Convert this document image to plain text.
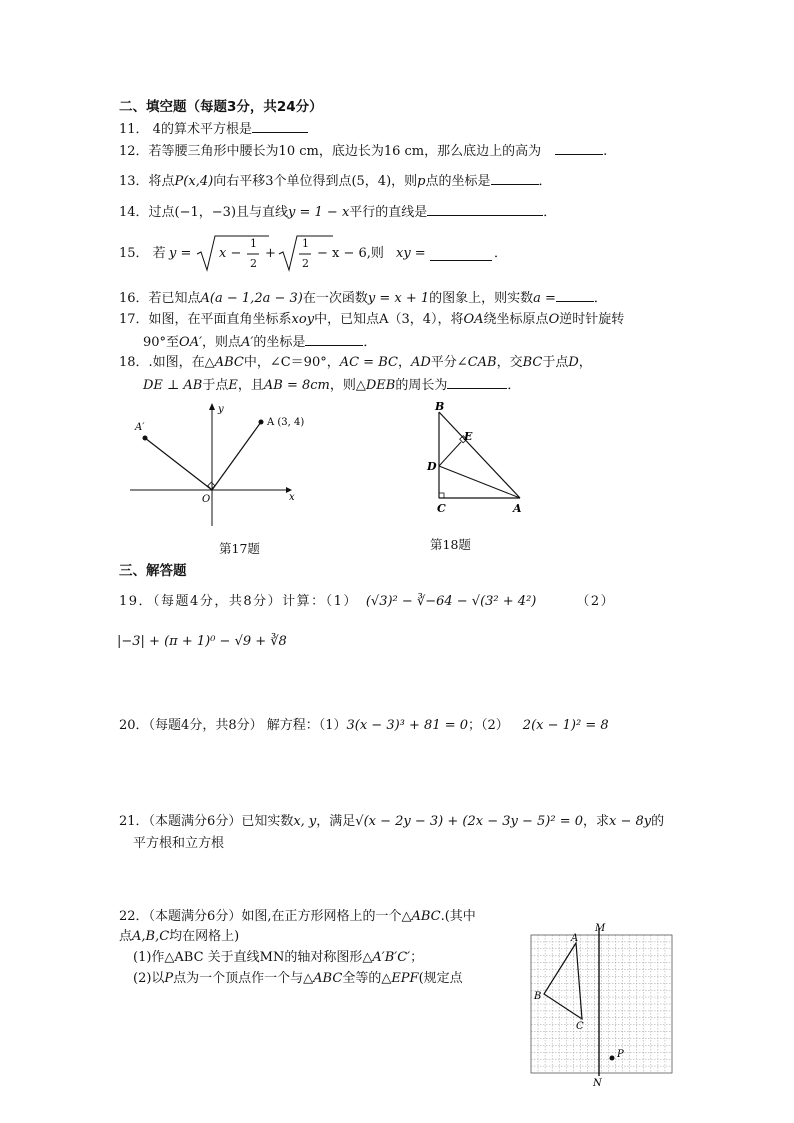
二、填空题（每题3分，共24分）
11． 4的算术平方根是
12．若等腰三角形中腰长为10 cm，底边长为16 cm，那么底边上的高为	.
13．将点P(x,4)向右平移3个单位得到点(5，4)，则p点的坐标是	．
14．过点(−1，−3)且与直线y = 1 − x平行的直线是	．
15． 若 y = x −
1
2
+
1
2
− x − 6,则 xy =	．
16．若已知点A(a − 1,2a − 3)在一次函数y = x + 1的图象上，则实数a =	．
17．如图，在平面直角坐标系xoy中，已知点A（3，4），将OA绕坐标原点O逆时针旋转
90°至OA′，则点A′的坐标是	．
18．.如图，在△ABC中，∠C＝90°，AC = BC，AD平分∠CAB，交BC于点D，
DE ⊥ AB于点E，且AB = 8cm，则△DEB的周长为	．
A (3, 4)
A′
O	x
y
第17题
B
E
D
C	A
第18题
三、解答题
19．（每题4分，共8分）计算：（1） (√3)² − ∛−64 − √(3² + 4²)	（2）
|−3| + (π + 1)⁰ − √9 + ∛8
20．（每题4分，共8分） 解方程：（1）3(x − 3)³ + 81 = 0；（2） 2(x − 1)² = 8
21．（本题满分6分）已知实数x, y，满足√(x − 2y − 3) + (2x − 3y − 5)² = 0，求x − 8y的
平方根和立方根
22．（本题满分6分）如图,在正方形网格上的一个△ABC.(其中
点A,B,C均在网格上)
(1)作△ABC 关于直线MN的轴对称图形△A′B′C′；
(2)以P点为一个顶点作一个与△ABC全等的△EPF(规定点
M
N
A
B
C
P
